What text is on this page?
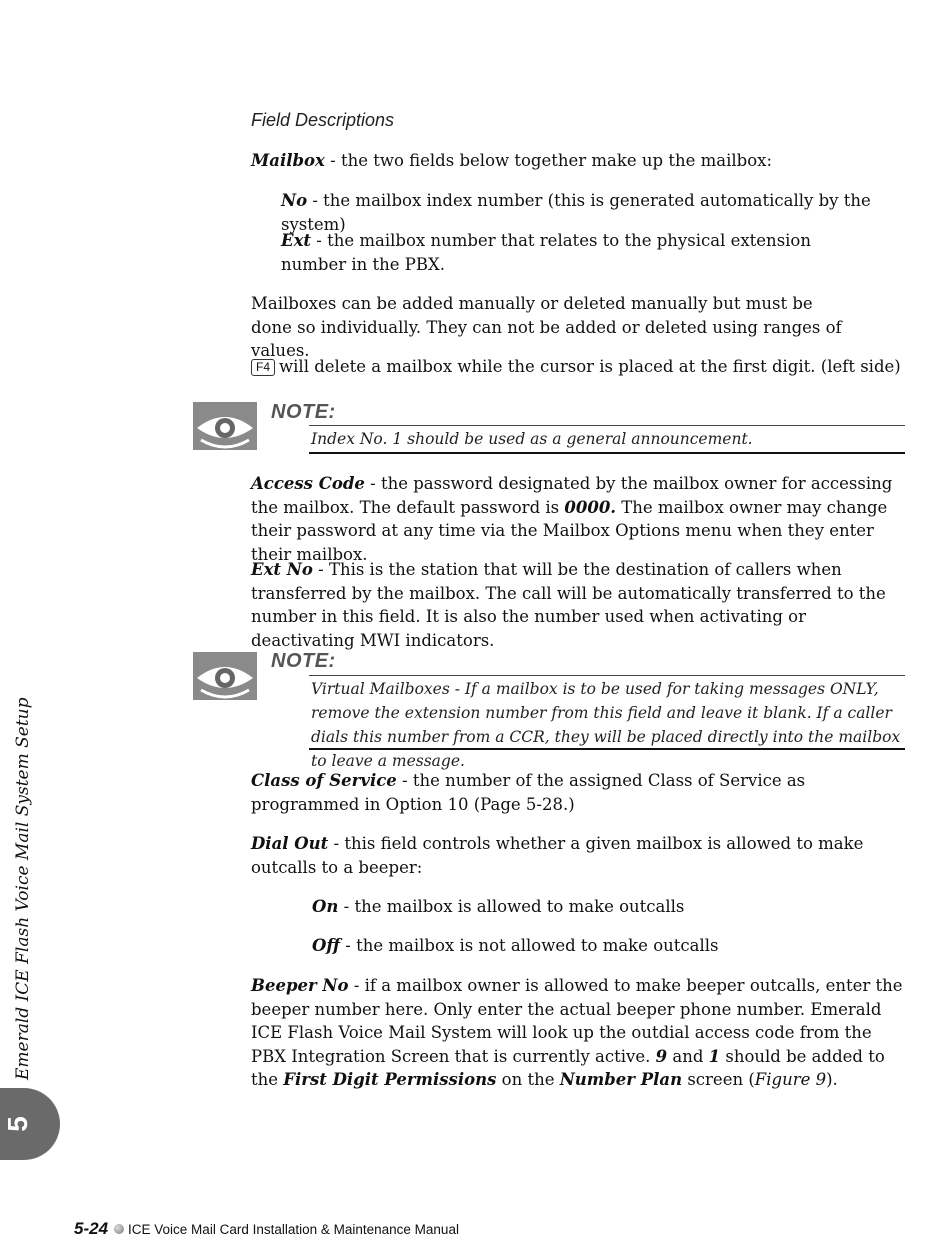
Field Descriptions
Mailbox - the two fields below together make up the mailbox:
No - the mailbox index number (this is generated automatically by the system)
Ext - the mailbox number that relates to the physical extension number in the PBX.
Mailboxes can be added manually or deleted manually but must be done so individually. They can not be added or deleted using ranges of values.
F4 will delete a mailbox while the cursor is placed at the first digit. (left side)
NOTE:
Index No. 1 should be used as a general announcement.
Access Code - the password designated by the mailbox owner for accessing the mailbox. The default password is 0000. The mailbox owner may change their password at any time via the Mailbox Options menu when they enter their mailbox.
Ext No - This is the station that will be the destination of callers when transferred by the mailbox. The call will be automatically transferred to the number in this field. It is also the number used when activating or deactivating MWI indicators.
NOTE:
Virtual Mailboxes - If a mailbox is to be used for taking messages ONLY, remove the extension number from this field and leave it blank. If a caller dials this number from a CCR, they will be placed directly into the mailbox to leave a message.
Class of Service - the number of the assigned Class of Service as programmed in Option 10 (Page 5-28.)
Dial Out - this field controls whether a given mailbox is allowed to make outcalls to a beeper:
On - the mailbox is allowed to make outcalls
Off - the mailbox is not allowed to make outcalls
Beeper No - if a mailbox owner is allowed to make beeper outcalls, enter the beeper number here. Only enter the actual beeper phone number. Emerald ICE Flash Voice Mail System will look up the outdial access code from the PBX Integration Screen that is currently active. 9 and 1 should be added to the First Digit Permissions on the Number Plan screen (Figure 9).
Emerald ICE Flash Voice Mail System Setup
5
5-24 ICE Voice Mail Card Installation & Maintenance Manual
